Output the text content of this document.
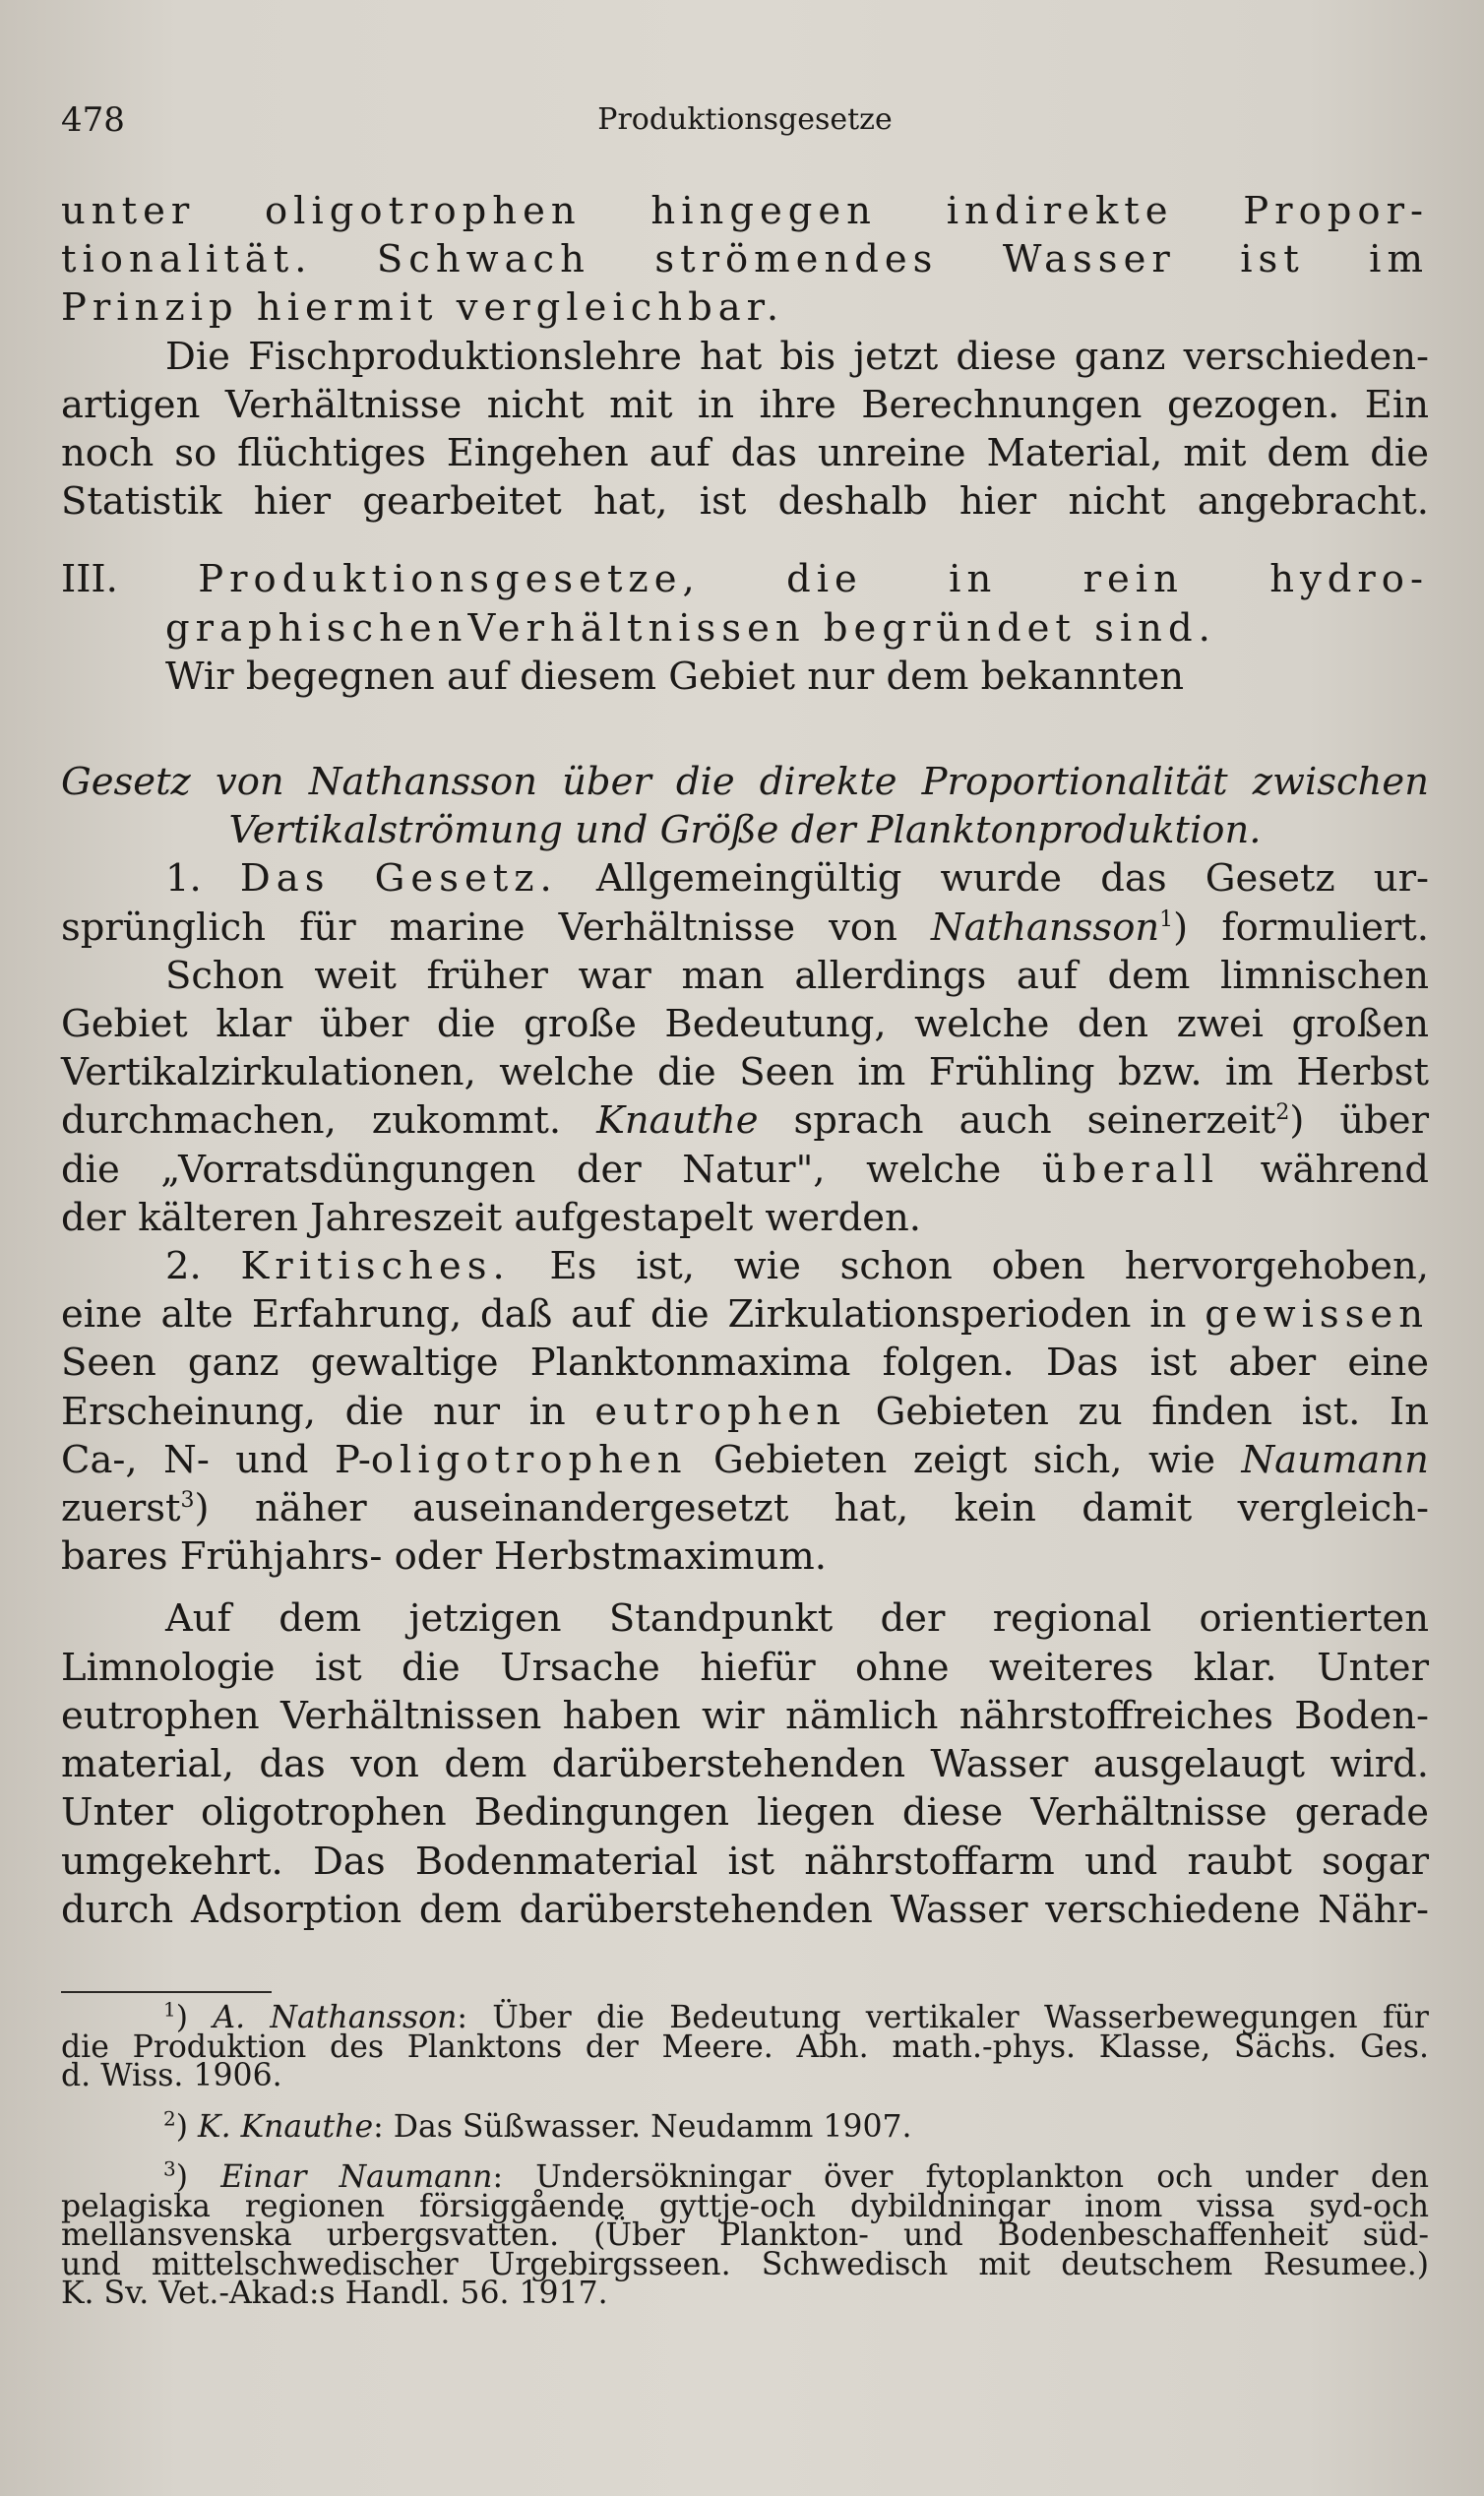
478	Produktionsgesetze

unter oligotrophen hingegen indirekte Propor-
tionalität. Schwach strömendes Wasser ist im
Prinzip hiermit vergleichbar.

Die Fischproduktionslehre hat bis jetzt diese ganz verschieden-
artigen Verhältnisse nicht mit in ihre Berechnungen gezogen. Ein
noch so flüchtiges Eingehen auf das unreine Material, mit dem die
Statistik hier gearbeitet hat, ist deshalb hier nicht angebracht.

III. Produktionsgesetze, die in rein hydro-
graphischenVerhältnissen begründet sind.

Wir begegnen auf diesem Gebiet nur dem bekannten

Gesetz von Nathansson über die direkte Proportionalität zwischen
Vertikalströmung und Größe der Planktonproduktion.

1. Das Gesetz. Allgemeingültig wurde das Gesetz ur-
sprünglich für marine Verhältnisse von Nathansson$^1$) formuliert.

Schon weit früher war man allerdings auf dem limnischen
Gebiet klar über die große Bedeutung, welche den zwei großen
Vertikalzirkulationen, welche die Seen im Frühling bzw. im Herbst
durchmachen, zukommt. Knauthe sprach auch seinerzeit$^2$) über
die „Vorratsdüngungen der Natur", welche überall während
der kälteren Jahreszeit aufgestapelt werden.

2. Kritisches. Es ist, wie schon oben hervorgehoben,
eine alte Erfahrung, daß auf die Zirkulationsperioden in gewissen
Seen ganz gewaltige Planktonmaxima folgen. Das ist aber eine
Erscheinung, die nur in eutrophen Gebieten zu finden ist. In
Ca-, N- und P-oligotrophen Gebieten zeigt sich, wie Naumann
zuerst$^3$) näher auseinandergesetzt hat, kein damit vergleich-
bares Frühjahrs- oder Herbstmaximum.

Auf dem jetzigen Standpunkt der regional orientierten
Limnologie ist die Ursache hiefür ohne weiteres klar. Unter
eutrophen Verhältnissen haben wir nämlich nährstoffreiches Boden-
material, das von dem darüberstehenden Wasser ausgelaugt wird.
Unter oligotrophen Bedingungen liegen diese Verhältnisse gerade
umgekehrt. Das Bodenmaterial ist nährstoffarm und raubt sogar
durch Adsorption dem darüberstehenden Wasser verschiedene Nähr-

$^1$) A. Nathansson: Über die Bedeutung vertikaler Wasserbewegungen für
die Produktion des Planktons der Meere. Abh. math.-phys. Klasse, Sächs. Ges.
d. Wiss. 1906.

$^2$) K. Knauthe: Das Süßwasser. Neudamm 1907.

$^3$) Einar Naumann: Undersökningar över fytoplankton och under den
pelagiska regionen försiggående gyttje-och dybildningar inom vissa syd-och
mellansvenska urbergsvatten. (Über Plankton- und Bodenbeschaffenheit süd-
und mittelschwedischer Urgebirgsseen. Schwedisch mit deutschem Resumee.)
K. Sv. Vet.-Akad:s Handl. 56. 1917.
